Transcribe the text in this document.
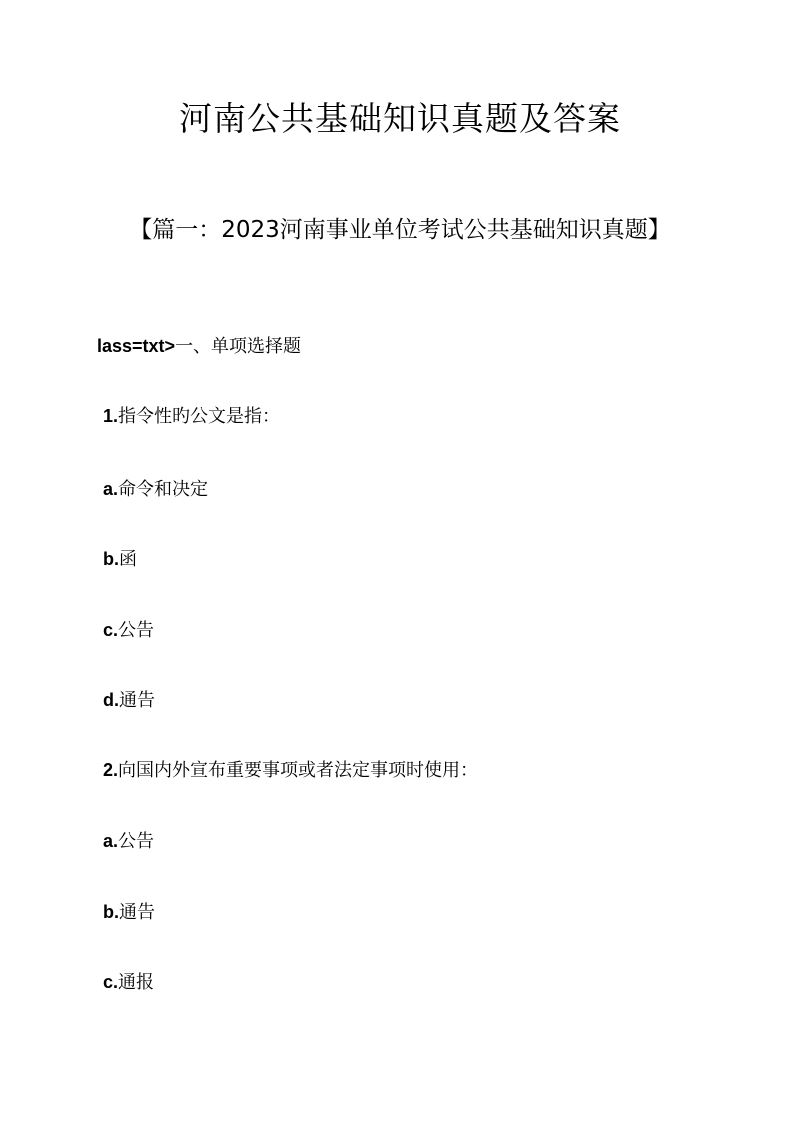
河南公共基础知识真题及答案
【篇一：2023河南事业单位考试公共基础知识真题】
lass=txt>一、单项选择题
1.指令性旳公文是指：
a.命令和决定
b.函
c.公告
d.通告
2.向国内外宣布重要事项或者法定事项时使用：
a.公告
b.通告
c.通报
